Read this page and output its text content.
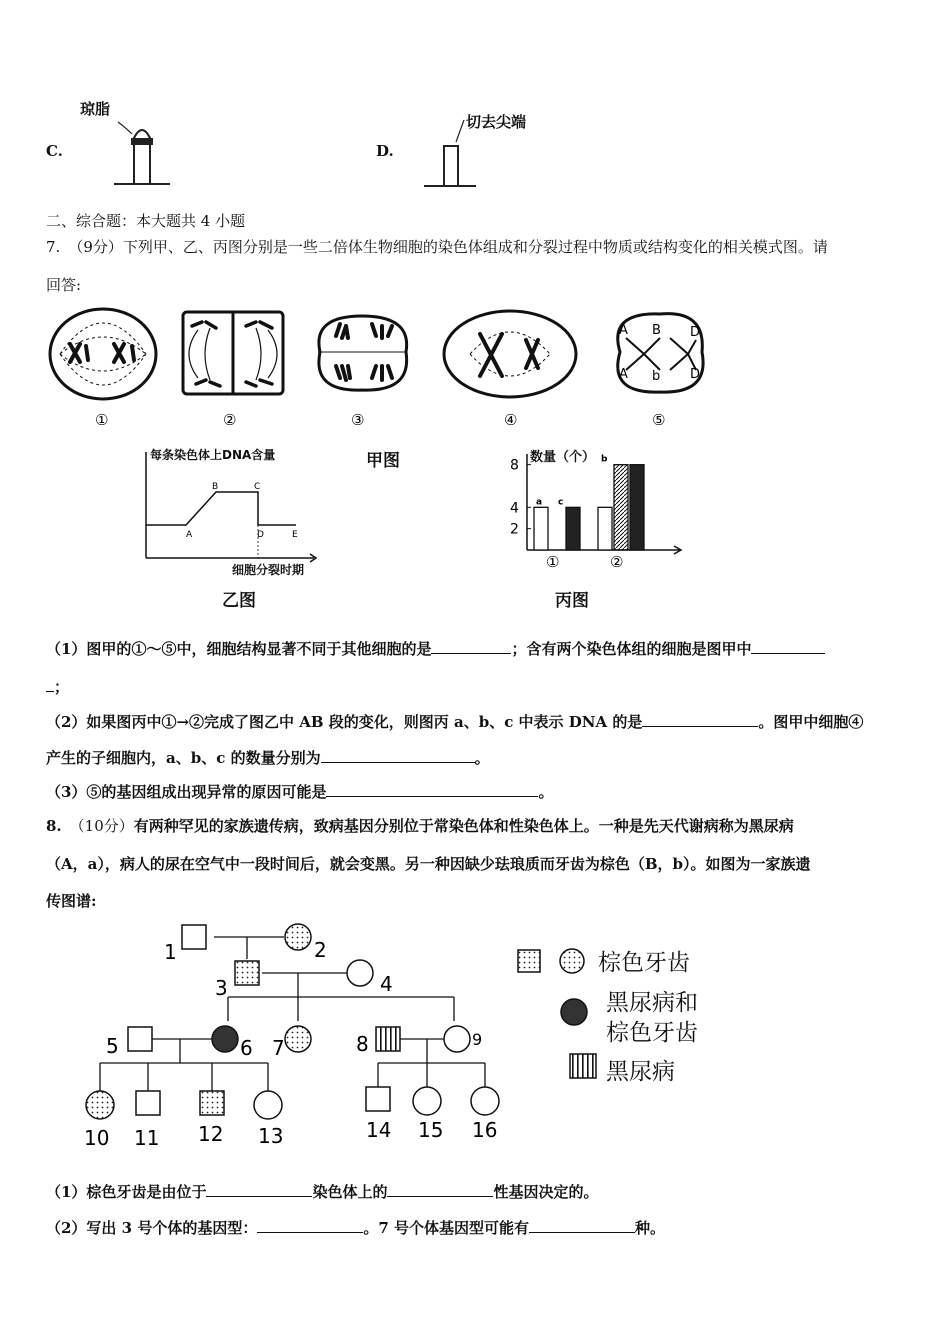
C.	D.
琼脂
切去尖端
二、综合题：本大题共 4 小题
7. （9分）下列甲、乙、丙图分别是一些二倍体生物细胞的染色体组成和分裂过程中物质或结构变化的相关模式图。请
回答:
①	②	③	④
A B D
A b D
⑤
甲图
A
B	C
D	E
每条染色体上DNA含量
细胞分裂时期
乙图
2
4
8
①	②
a c
b
数量（个）
丙图
（1）图甲的①～⑤中，细胞结构显著不同于其他细胞的是	；含有两个染色体组的细胞是图甲中
；
（2）如果图丙中①→②完成了图乙中 AB 段的变化，则图丙 a、b、c 中表示 DNA 的是	。图甲中细胞④
产生的子细胞内，a、b、c 的数量分别为	。
（3）⑤的基因组成出现异常的原因可能是	。
8. （10分）有两种罕见的家族遗传病，致病基因分别位于常染色体和性染色体上。一种是先天代谢病称为黑尿病
（A，a），病人的尿在空气中一段时间后，就会变黑。另一种因缺少珐琅质而牙齿为棕色（B，b）。如图为一家族遗
传图谱:
1	2
3	4
5	6 7	8	9
10 11 12 13	14 15 16
棕色牙齿
黑尿病和
棕色牙齿
黑尿病
（1）棕色牙齿是由位于	染色体上的	性基因决定的。
（2）写出 3 号个体的基因型：	。7 号个体基因型可能有	种。
